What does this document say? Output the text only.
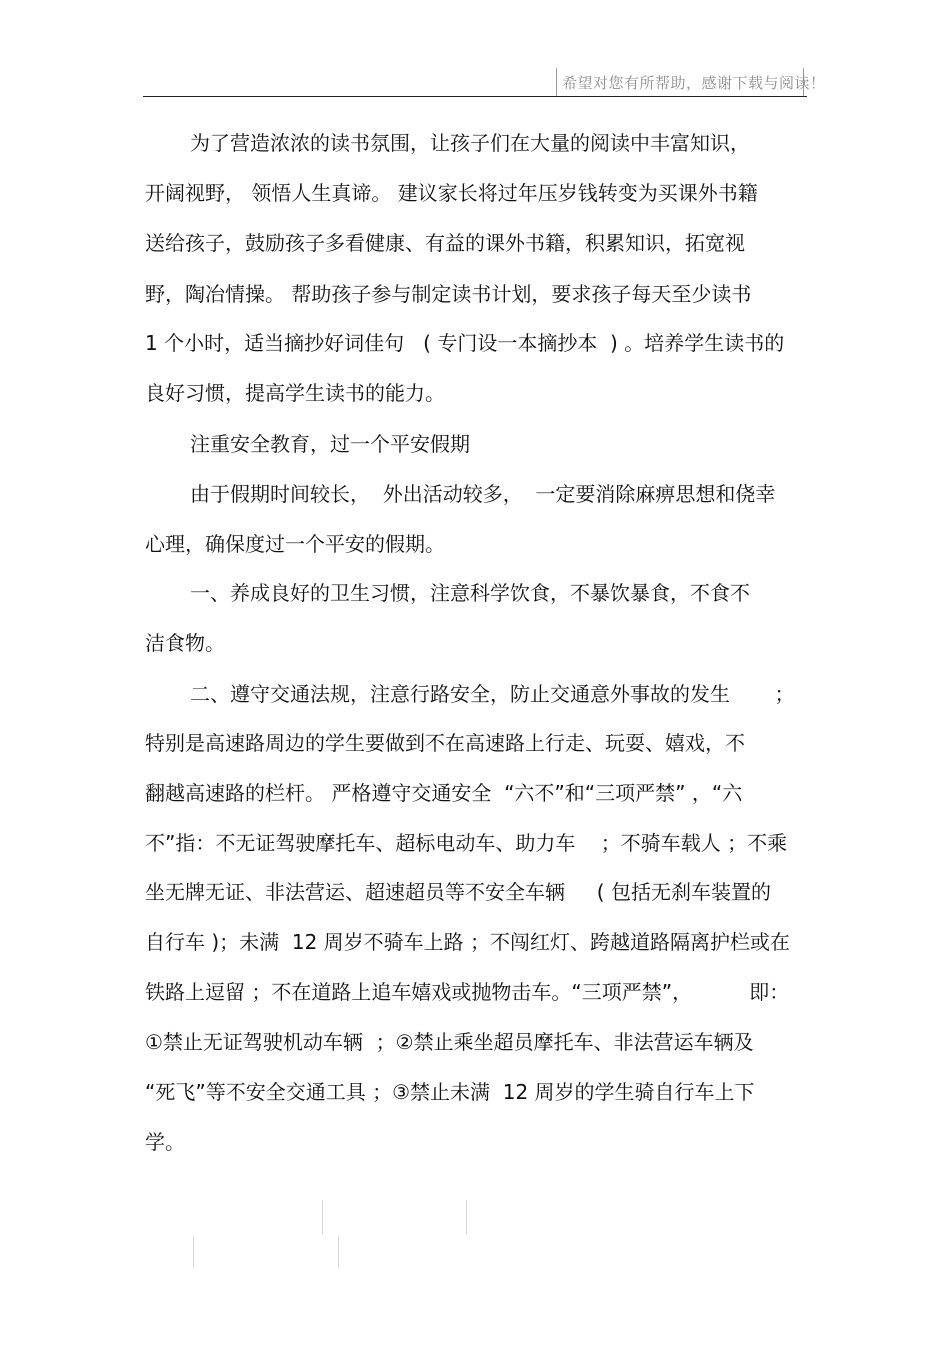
希望对您有所帮助，感谢下载与阅读！
为了营造浓浓的读书氛围，让孩子们在大量的阅读中丰富知识，
开阔视野， 领悟人生真谛。 建议家长将过年压岁钱转变为买课外书籍
送给孩子，鼓励孩子多看健康、有益的课外书籍，积累知识，拓宽视
野，陶冶情操。 帮助孩子参与制定读书计划，要求孩子每天至少读书
1 个小时，适当摘抄好词佳句   ( 专门设一本摘抄本  ) 。培养学生读书的
良好习惯，提高学生读书的能力。
注重安全教育，过一个平安假期
由于假期时间较长，  外出活动较多，  一定要消除麻痹思想和侥幸
心理，确保度过一个平安的假期。
一、养成良好的卫生习惯，注意科学饮食，不暴饮暴食，不食不
洁食物。
二、遵守交通法规，注意行路安全，防止交通意外事故的发生       ；
特别是高速路周边的学生要做到不在高速路上行走、玩耍、嬉戏，不
翻越高速路的栏杆。 严格遵守交通安全  “六不”和“三项严禁” ，“六
不”指：不无证驾驶摩托车、超标电动车、助力车    ；不骑车载人 ；不乘
坐无牌无证、非法营运、超速超员等不安全车辆     ( 包括无刹车装置的
自行车 )；未满  12 周岁不骑车上路 ；不闯红灯、跨越道路隔离护栏或在
铁路上逗留 ；不在道路上追车嬉戏或抛物击车。“三项严禁”，         即：
①禁止无证驾驶机动车辆  ；②禁止乘坐超员摩托车、非法营运车辆及
“死飞”等不安全交通工具 ；③禁止未满  12 周岁的学生骑自行车上下
学。
